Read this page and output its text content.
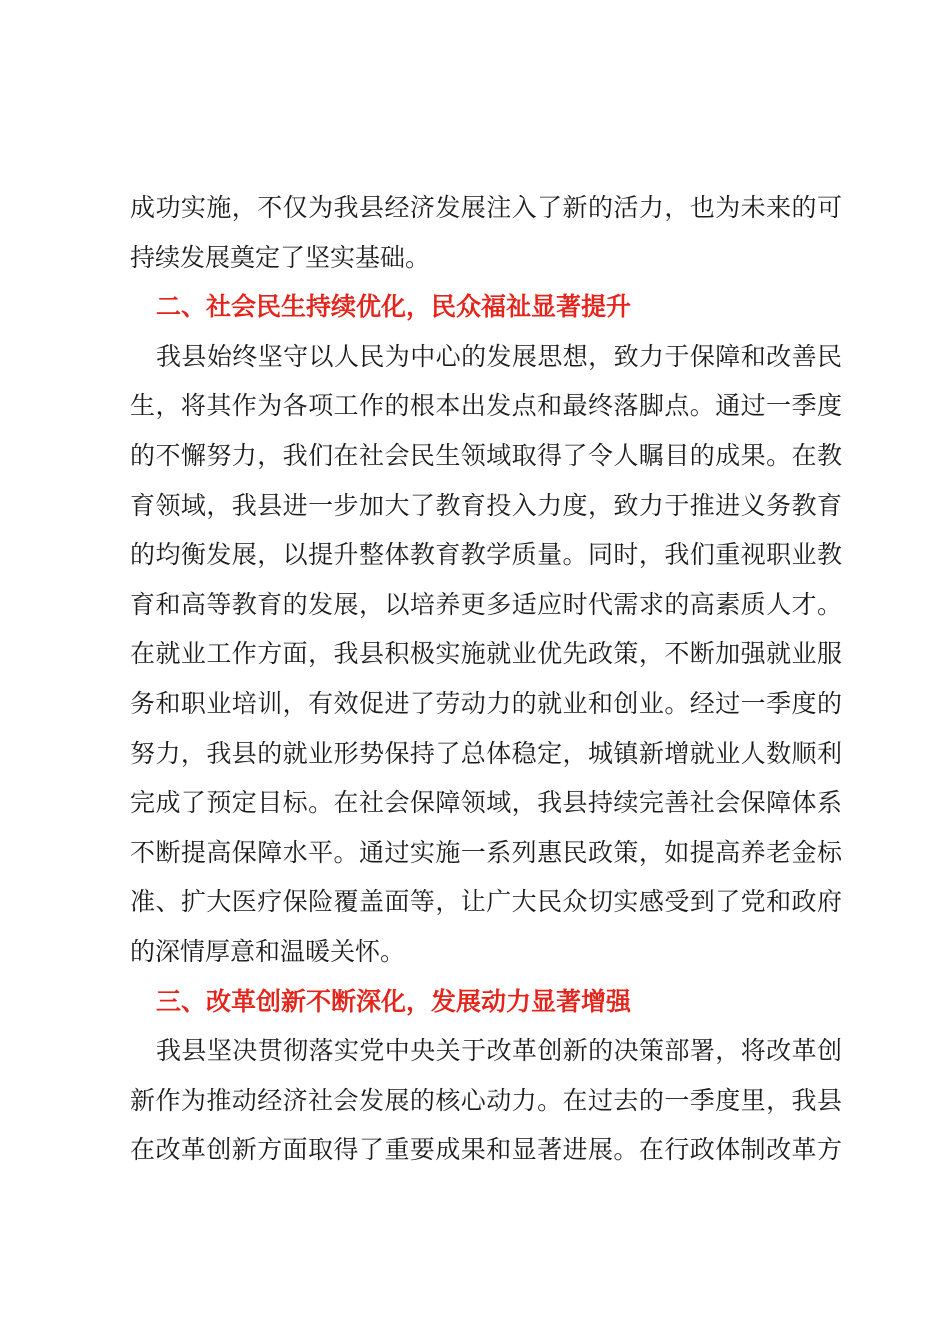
成功实施，不仅为我县经济发展注入了新的活力，也为未来的可
持续发展奠定了坚实基础。
二、社会民生持续优化，民众福祉显著提升
我县始终坚守以人民为中心的发展思想，致力于保障和改善民
生，将其作为各项工作的根本出发点和最终落脚点。通过一季度
的不懈努力，我们在社会民生领域取得了令人瞩目的成果。在教
育领域，我县进一步加大了教育投入力度，致力于推进义务教育
的均衡发展，以提升整体教育教学质量。同时，我们重视职业教
育和高等教育的发展，以培养更多适应时代需求的高素质人才。
在就业工作方面，我县积极实施就业优先政策，不断加强就业服
务和职业培训，有效促进了劳动力的就业和创业。经过一季度的
努力，我县的就业形势保持了总体稳定，城镇新增就业人数顺利
完成了预定目标。在社会保障领域，我县持续完善社会保障体系
不断提高保障水平。通过实施一系列惠民政策，如提高养老金标
准、扩大医疗保险覆盖面等，让广大民众切实感受到了党和政府
的深情厚意和温暖关怀。
三、改革创新不断深化，发展动力显著增强
我县坚决贯彻落实党中央关于改革创新的决策部署，将改革创
新作为推动经济社会发展的核心动力。在过去的一季度里，我县
在改革创新方面取得了重要成果和显著进展。在行政体制改革方
